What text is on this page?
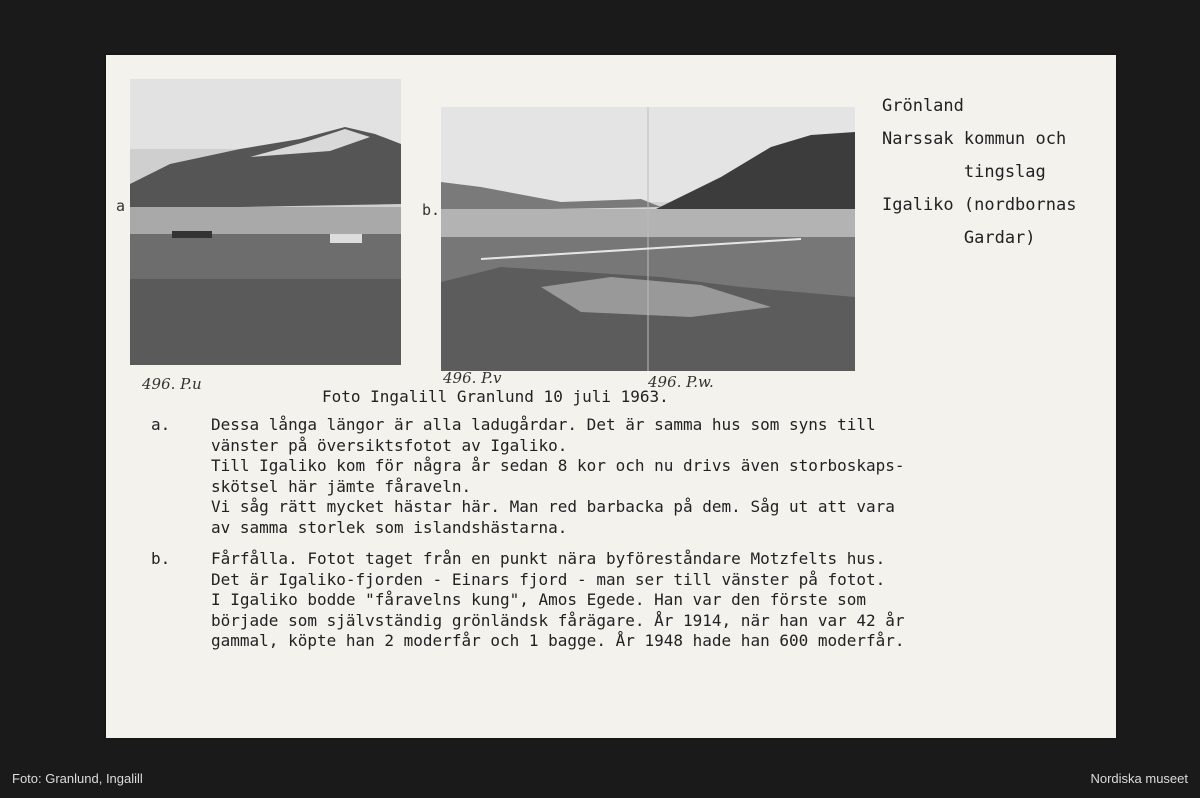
a	b.
Grönland
Narssak kommun och
tingslag
Igaliko (nordbornas
Gardar)
496. P.u	496. P.v	496. P.w.
Foto Ingalill Granlund 10 juli 1963.
a.	Dessa långa längor är alla ladugårdar. Det är samma hus som syns till
vänster på översiktsfotot av Igaliko.
Till Igaliko kom för några år sedan 8 kor och nu drivs även storboskaps-
skötsel här jämte fåraveln.
Vi såg rätt mycket hästar här. Man red barbacka på dem. Såg ut att vara
av samma storlek som islandshästarna.
b.	Fårfålla. Fotot taget från en punkt nära byföreståndare Motzfelts hus.
Det är Igaliko-fjorden - Einars fjord - man ser till vänster på fotot.
I Igaliko bodde "fåravelns kung", Amos Egede. Han var den förste som
började som självständig grönländsk fårägare. År 1914, när han var 42 år
gammal, köpte han 2 moderfår och 1 bagge. År 1948 hade han 600 moderfår.
Foto: Granlund, Ingalill	Nordiska museet
